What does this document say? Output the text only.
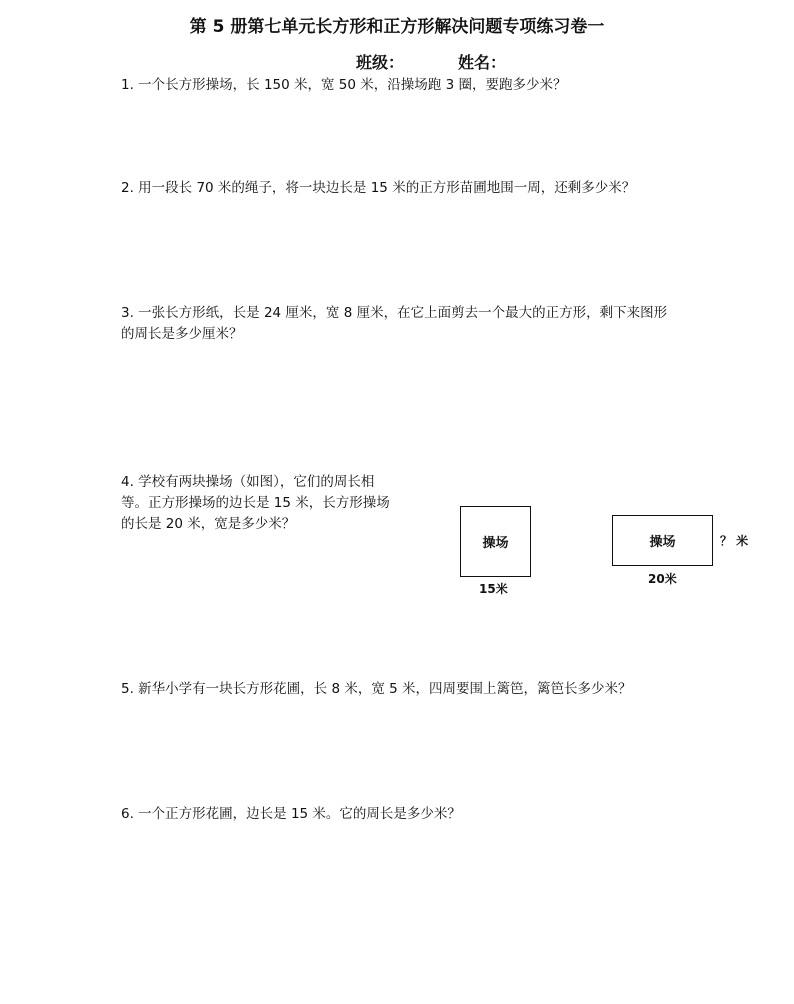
第 5 册第七单元长方形和正方形解决问题专项练习卷一
班级：	姓名：
1. 一个长方形操场，长 150 米，宽 50 米，沿操场跑 3 圈，要跑多少米？
2. 用一段长 70 米的绳子，将一块边长是 15 米的正方形苗圃地围一周，还剩多少米？
3. 一张长方形纸，长是 24 厘米，宽 8 厘米，在它上面剪去一个最大的正方形，剩下来图形
的周长是多少厘米？
4. 学校有两块操场（如图），它们的周长相
等。正方形操场的边长是 15 米，长方形操场
的长是 20 米，宽是多少米？
操场
15米
操场
20米
？ 米
5. 新华小学有一块长方形花圃，长 8 米，宽 5 米，四周要围上篱笆，篱笆长多少米？
6. 一个正方形花圃，边长是 15 米。它的周长是多少米？
